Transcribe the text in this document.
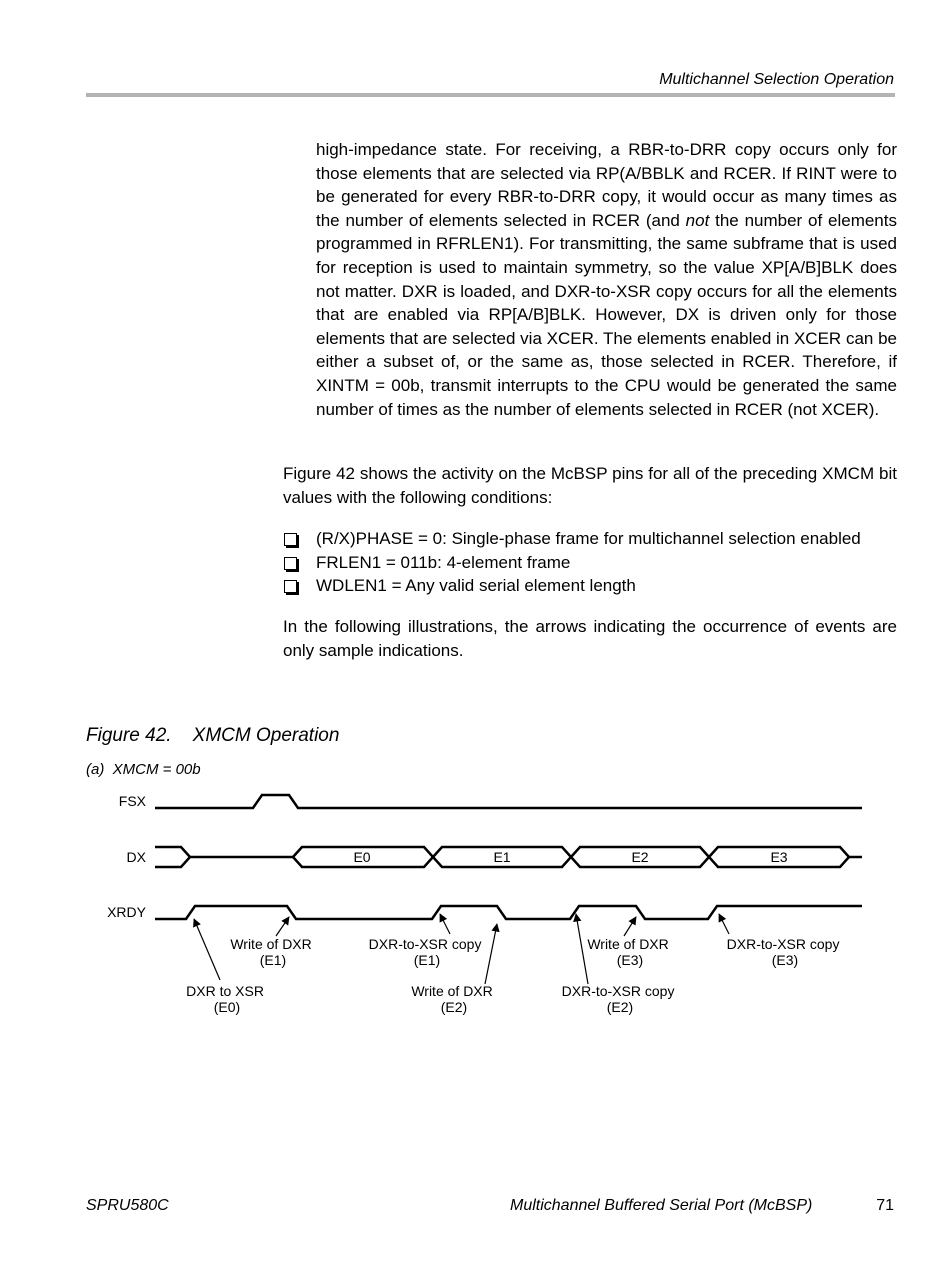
Multichannel Selection Operation

high-impedance state. For receiving, a RBR-to-DRR copy occurs only for those elements that are selected via RP(A/BBLK and RCER. If RINT were to be generated for every RBR-to-DRR copy, it would occur as many times as the number of elements selected in RCER (and not the number of elements programmed in RFRLEN1). For transmitting, the same subframe that is used for reception is used to maintain symmetry, so the value XP[A/B]BLK does not matter. DXR is loaded, and DXR-to-XSR copy occurs for all the elements that are enabled via RP[A/B]BLK. However, DX is driven only for those elements that are selected via XCER. The elements enabled in XCER can be either a subset of, or the same as, those selected in RCER. Therefore, if XINTM = 00b, transmit interrupts to the CPU would be generated the same number of times as the number of elements selected in RCER (not XCER).

Figure 42 shows the activity on the McBSP pins for all of the preceding XMCM bit values with the following conditions:

(R/X)PHASE = 0: Single-phase frame for multichannel selection enabled
FRLEN1 = 011b: 4-element frame
WDLEN1 = Any valid serial element length

In the following illustrations, the arrows indicating the occurrence of events are only sample indications.

Figure 42.    XMCM Operation
(a)  XMCM = 00b
FSX
DX
XRDY
E0	E1	E2	E3
Write of DXR (E1)
DXR-to-XSR copy (E1)
Write of DXR (E3)
DXR-to-XSR copy (E3)
DXR to XSR (E0)
Write of DXR (E2)
DXR-to-XSR copy (E2)
SPRU580C	Multichannel Buffered Serial Port (McBSP)	71
